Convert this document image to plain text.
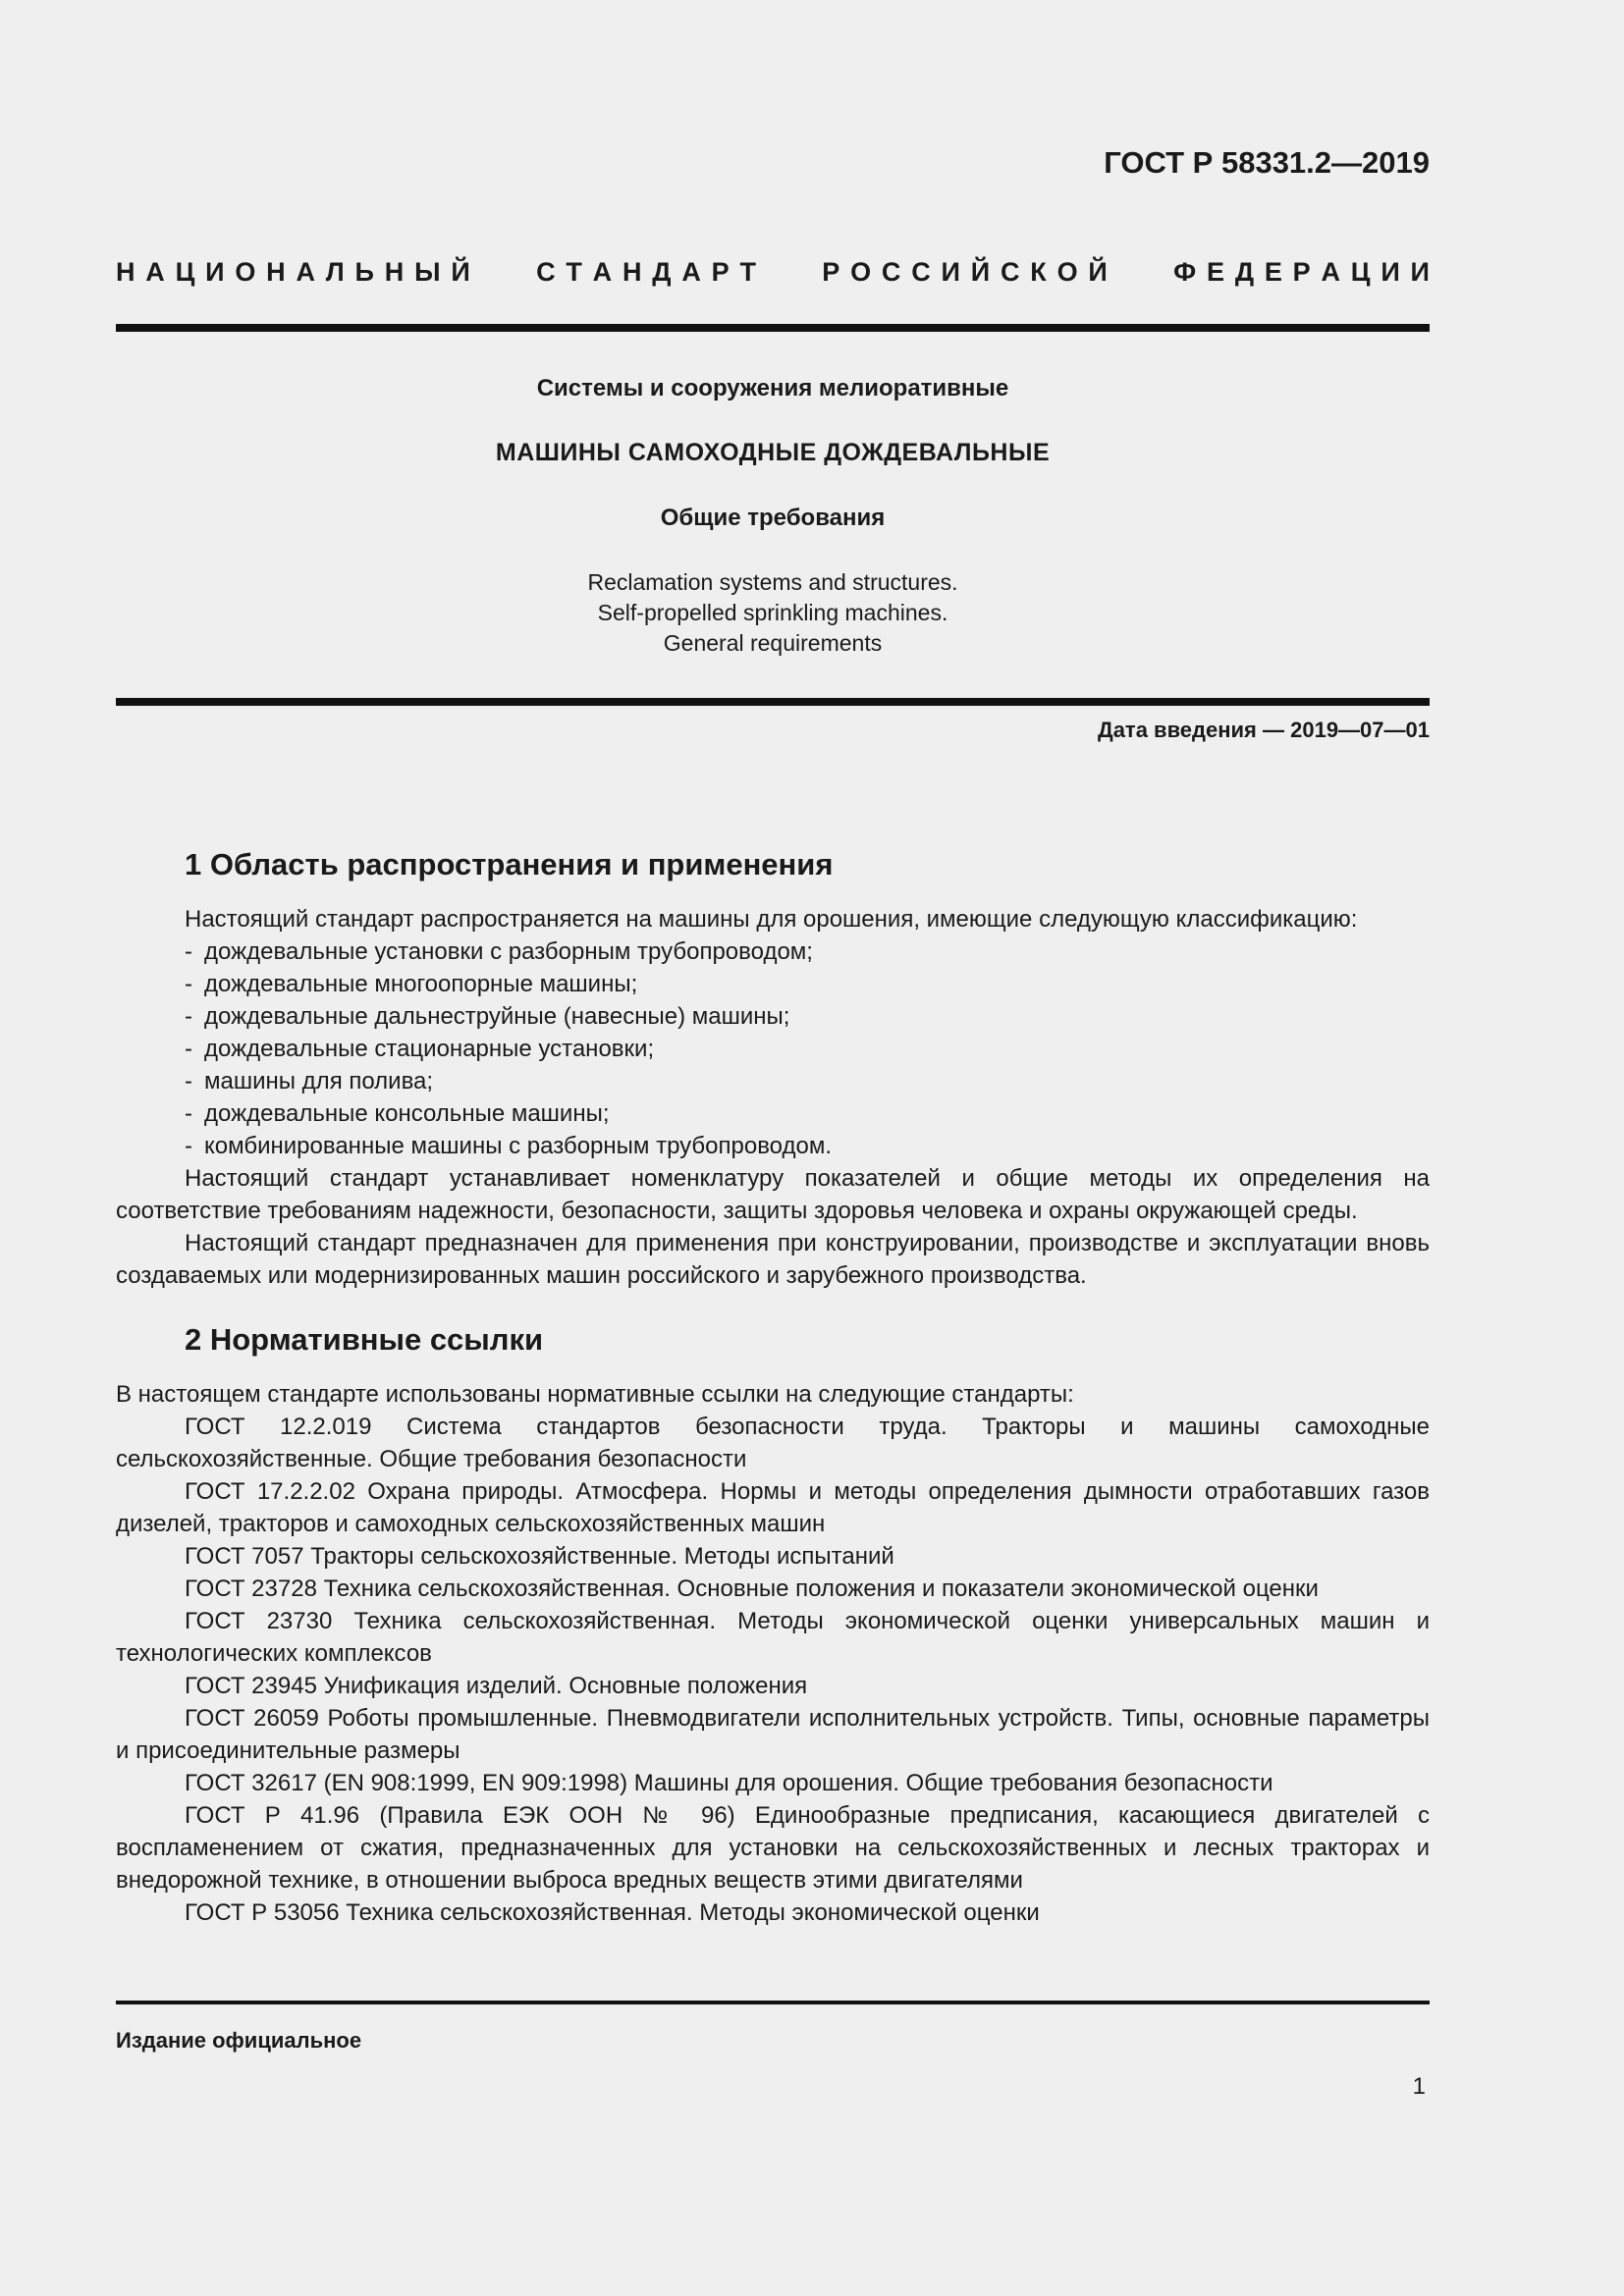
ГОСТ Р 58331.2—2019
Н  А  Ц  И  О  Н  А  Л  Ь  Н  Ы  Й С  Т  А  Н  Д  А  Р  Т Р  О  С  С  И  Й  С  К  О  Й Ф  Е  Д  Е  Р  А  Ц  И  И
Системы и сооружения мелиоративные
МАШИНЫ САМОХОДНЫЕ ДОЖДЕВАЛЬНЫЕ
Общие требования
Reclamation systems and structures.
Self-propelled sprinkling machines.
General requirements
Дата введения — 2019—07—01
1 Область распространения и применения

Настоящий стандарт распространяется на машины для орошения, имеющие следующую классификацию:

- дождевальные установки с разборным трубопроводом;
- дождевальные многоопорные машины;
- дождевальные дальнеструйные (навесные) машины;
- дождевальные стационарные установки;
- машины для полива;
- дождевальные консольные машины;
- комбинированные машины с разборным трубопроводом.

Настоящий стандарт устанавливает номенклатуру показателей и общие методы их определения на соответствие требованиям надежности, безопасности, защиты здоровья человека и охраны окружающей среды.

Настоящий стандарт предназначен для применения при конструировании, производстве и эксплуатации вновь создаваемых или модернизированных машин российского и зарубежного производства.

2 Нормативные ссылки

В настоящем стандарте использованы нормативные ссылки на следующие стандарты:

ГОСТ 12.2.019 Система стандартов безопасности труда. Тракторы и машины самоходные сельскохозяйственные. Общие требования безопасности

ГОСТ 17.2.2.02 Охрана природы. Атмосфера. Нормы и методы определения дымности отработавших газов дизелей, тракторов и самоходных сельскохозяйственных машин

ГОСТ 7057 Тракторы сельскохозяйственные. Методы испытаний

ГОСТ 23728 Техника сельскохозяйственная. Основные положения и показатели экономической оценки

ГОСТ 23730 Техника сельскохозяйственная. Методы экономической оценки универсальных машин и технологических комплексов

ГОСТ 23945 Унификация изделий. Основные положения

ГОСТ 26059 Роботы промышленные. Пневмодвигатели исполнительных устройств. Типы, основные параметры и присоединительные размеры

ГОСТ 32617 (EN 908:1999, EN 909:1998) Машины для орошения. Общие требования безопасности

ГОСТ Р 41.96 (Правила ЕЭК ООН № 96) Единообразные предписания, касающиеся двигателей с воспламенением от сжатия, предназначенных для установки на сельскохозяйственных и лесных тракторах и внедорожной технике, в отношении выброса вредных веществ этими двигателями

ГОСТ Р 53056 Техника сельскохозяйственная. Методы экономической оценки

Издание официальное
1
